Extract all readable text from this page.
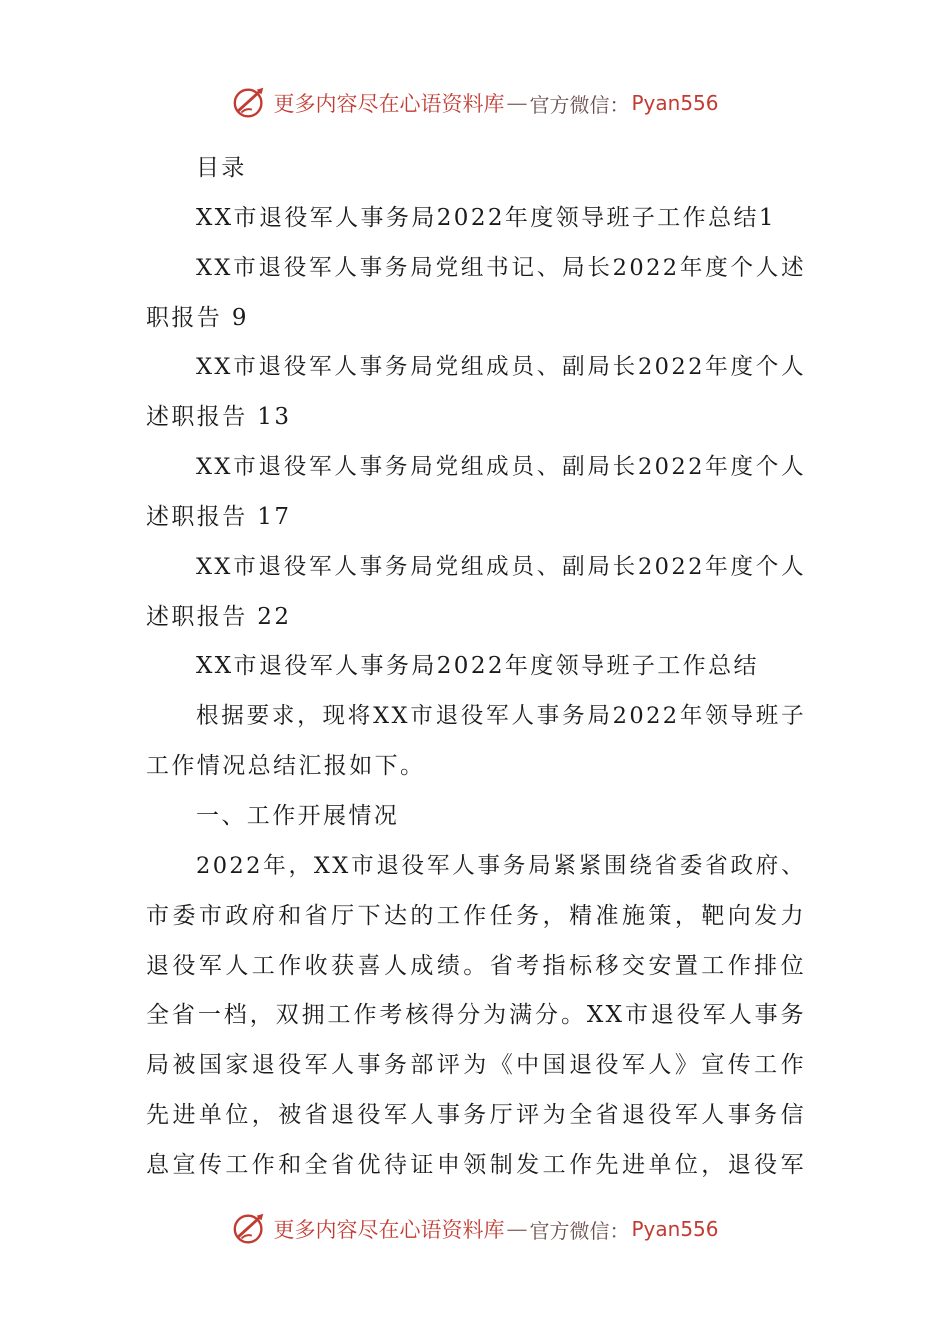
更多内容尽在心语资料库 — 官方微信： Pyan556
目录
XX市退役军人事务局2022年度领导班子工作总结1
XX市退役军人事务局党组书记、局长2022年度个人述
职报告 9
XX市退役军人事务局党组成员、副局长2022年度个人
述职报告 13
XX市退役军人事务局党组成员、副局长2022年度个人
述职报告 17
XX市退役军人事务局党组成员、副局长2022年度个人
述职报告 22
XX市退役军人事务局2022年度领导班子工作总结
根据要求，现将XX市退役军人事务局2022年领导班子
工作情况总结汇报如下。
一、工作开展情况
2022年，XX市退役军人事务局紧紧围绕省委省政府、
市委市政府和省厅下达的工作任务，精准施策，靶向发力
退役军人工作收获喜人成绩。省考指标移交安置工作排位
全省一档，双拥工作考核得分为满分。XX市退役军人事务
局被国家退役军人事务部评为《中国退役军人》宣传工作
先进单位，被省退役军人事务厅评为全省退役军人事务信
息宣传工作和全省优待证申领制发工作先进单位，退役军
更多内容尽在心语资料库 — 官方微信： Pyan556
